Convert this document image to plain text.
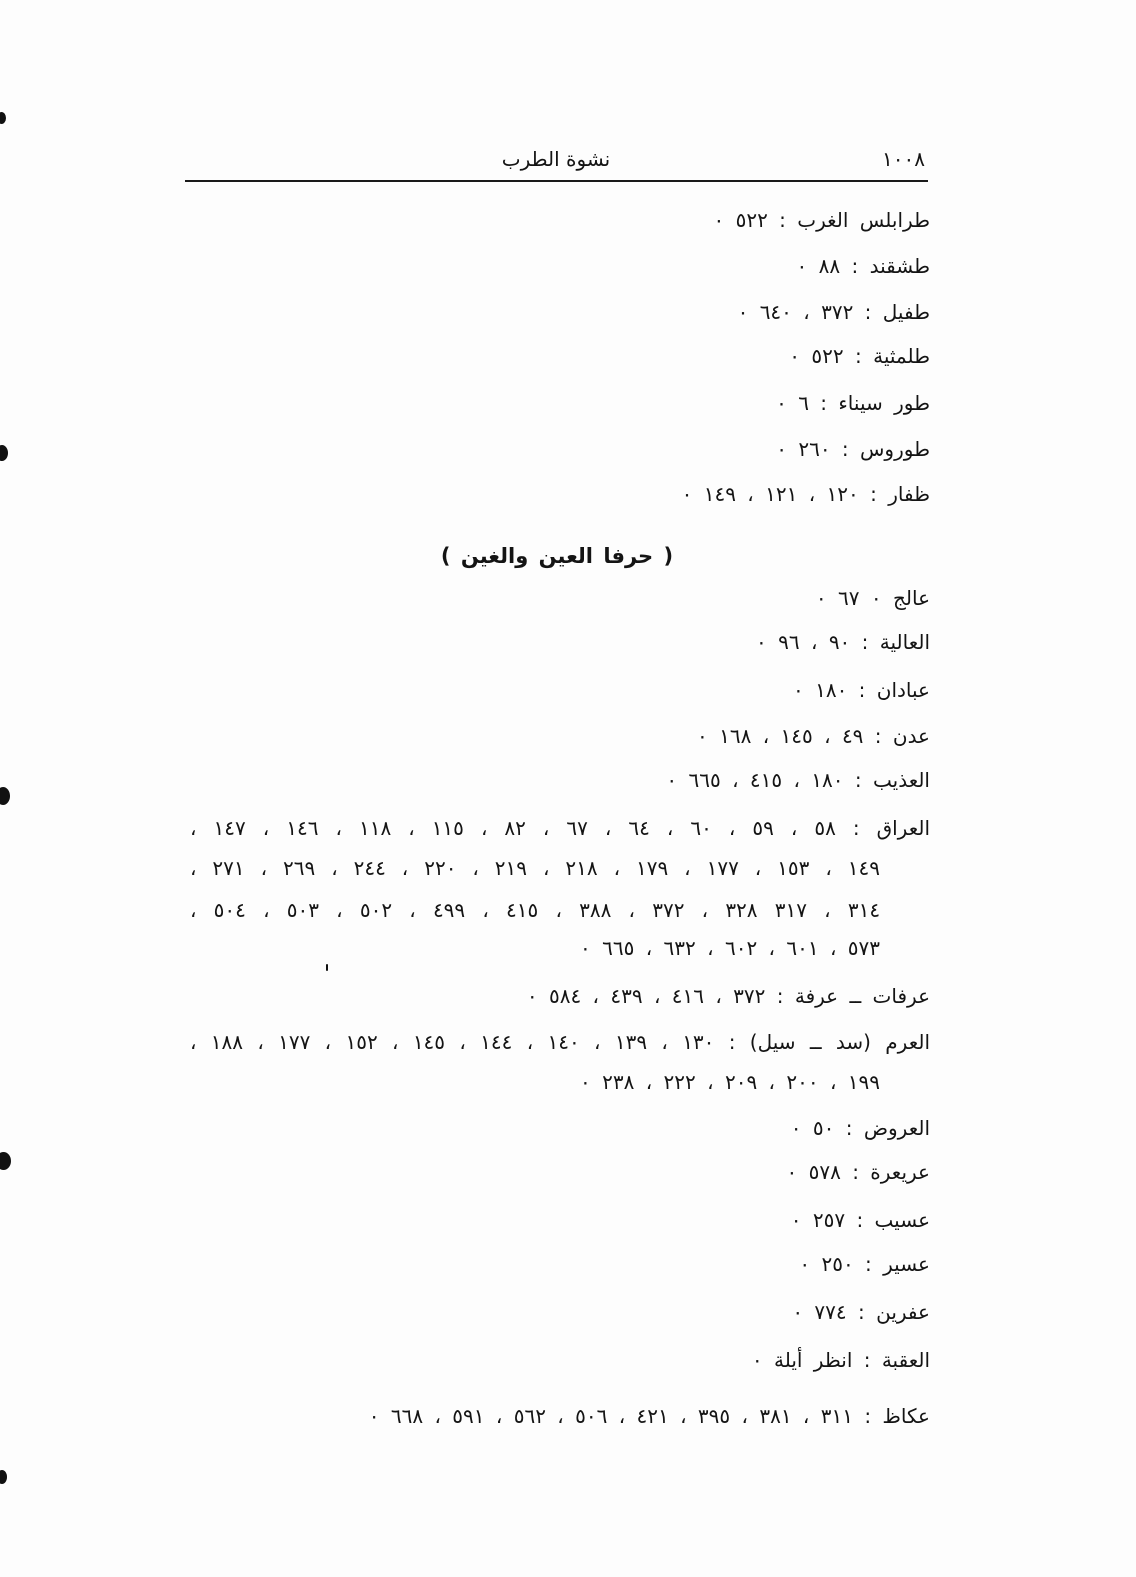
١٠٠٨
نشوة الطرب
طرابلس الغرب : ٥٢٢ ٠
طشقند : ٨٨ ٠
طفيل : ٣٧٢ ، ٦٤٠ ٠
طلمثية : ٥٢٢ ٠
طور سيناء : ٦ ٠
طوروس : ٢٦٠ ٠
ظفار : ١٢٠ ، ١٢١ ، ١٤٩ ٠
( حرفا العين والغين )
عالج ٠ ٦٧ ٠
العالية : ٩٠ ، ٩٦ ٠
عبادان : ١٨٠ ٠
عدن : ٤٩ ، ١٤٥ ، ١٦٨ ٠
العذيب : ١٨٠ ، ٤١٥ ، ٦٦٥ ٠
العراق : ٥٨ ، ٥٩ ، ٦٠ ، ٦٤ ، ٦٧ ، ٨٢ ، ١١٥ ، ١١٨ ، ١٤٦ ، ١٤٧ ،
١٤٩ ، ١٥٣ ، ١٧٧ ، ١٧٩ ، ٢١٨ ، ٢١٩ ، ٢٢٠ ، ٢٤٤ ، ٢٦٩ ، ٢٧١ ،
٣١٤ ، ٣١٧ ٣٢٨ ، ٣٧٢ ، ٣٨٨ ، ٤١٥ ، ٤٩٩ ، ٥٠٢ ، ٥٠٣ ، ٥٠٤ ،
٥٧٣ ، ٦٠١ ، ٦٠٢ ، ٦٣٢ ، ٦٦٥ ٠
عرفات ــ عرفة : ٣٧٢ ، ٤١٦ ، ٤٣٩ ، ٥٨٤ ٠
العرم (سد ــ سيل) : ١٣٠ ، ١٣٩ ، ١٤٠ ، ١٤٤ ، ١٤٥ ، ١٥٢ ، ١٧٧ ، ١٨٨ ،
١٩٩ ، ٢٠٠ ، ٢٠٩ ، ٢٢٢ ، ٢٣٨ ٠
العروض : ٥٠ ٠
عريعرة : ٥٧٨ ٠
عسيب : ٢٥٧ ٠
عسير : ٢٥٠ ٠
عفرين : ٧٧٤ ٠
العقبة : انظر أيلة ٠
عكاظ : ٣١١ ، ٣٨١ ، ٣٩٥ ، ٤٢١ ، ٥٠٦ ، ٥٦٢ ، ٥٩١ ، ٦٦٨ ٠
